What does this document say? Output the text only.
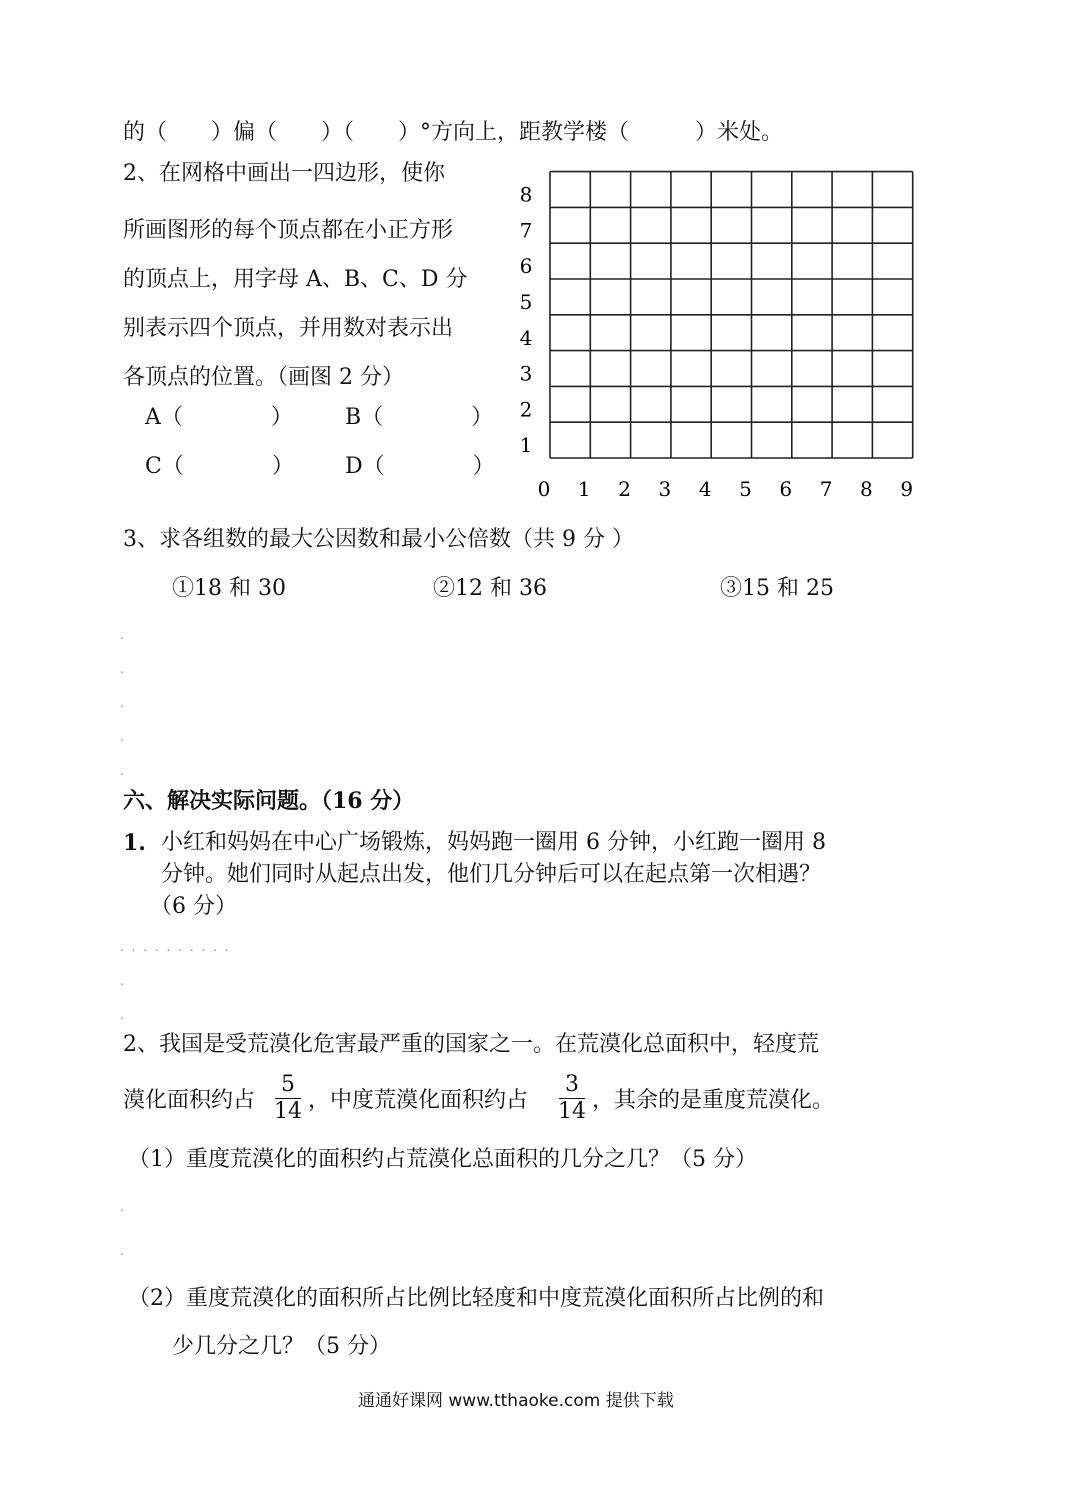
的（　　）偏（　　）（　　）°方向上，距教学楼（　　　）米处。
2、在网格中画出一四边形，使你
所画图形的每个顶点都在小正方形
的顶点上，用字母 A、B、C、D 分
别表示四个顶点，并用数对表示出
各顶点的位置。（画图 2 分）
A（　　　　） B（　　　　）
C（　　　　） D（　　　　）
0 1 2 3 4 5 6 7 8 9
1
2
3
4
5
6
7
8
3、求各组数的最大公因数和最小公倍数（共 9 分 ）
①18 和 30	②12 和 36	③15 和 25
.
.
.
.
.
六、解决实际问题。（16 分）
1. 小红和妈妈在中心广场锻炼，妈妈跑一圈用 6 分钟，小红跑一圈用 8
分钟。她们同时从起点出发，他们几分钟后可以在起点第一次相遇？
（6 分）
. . . . . . . . . .
.
.
2、我国是受荒漠化危害最严重的国家之一。在荒漠化总面积中，轻度荒
漠化面积约占
5
14 ，中度荒漠化面积约占
3
14 ，其余的是重度荒漠化。
（1）重度荒漠化的面积约占荒漠化总面积的几分之几？（5 分）
.
.
（2）重度荒漠化的面积所占比例比轻度和中度荒漠化面积所占比例的和
少几分之几？（5 分）
通通好课网 www.tthaoke.com 提供下载
